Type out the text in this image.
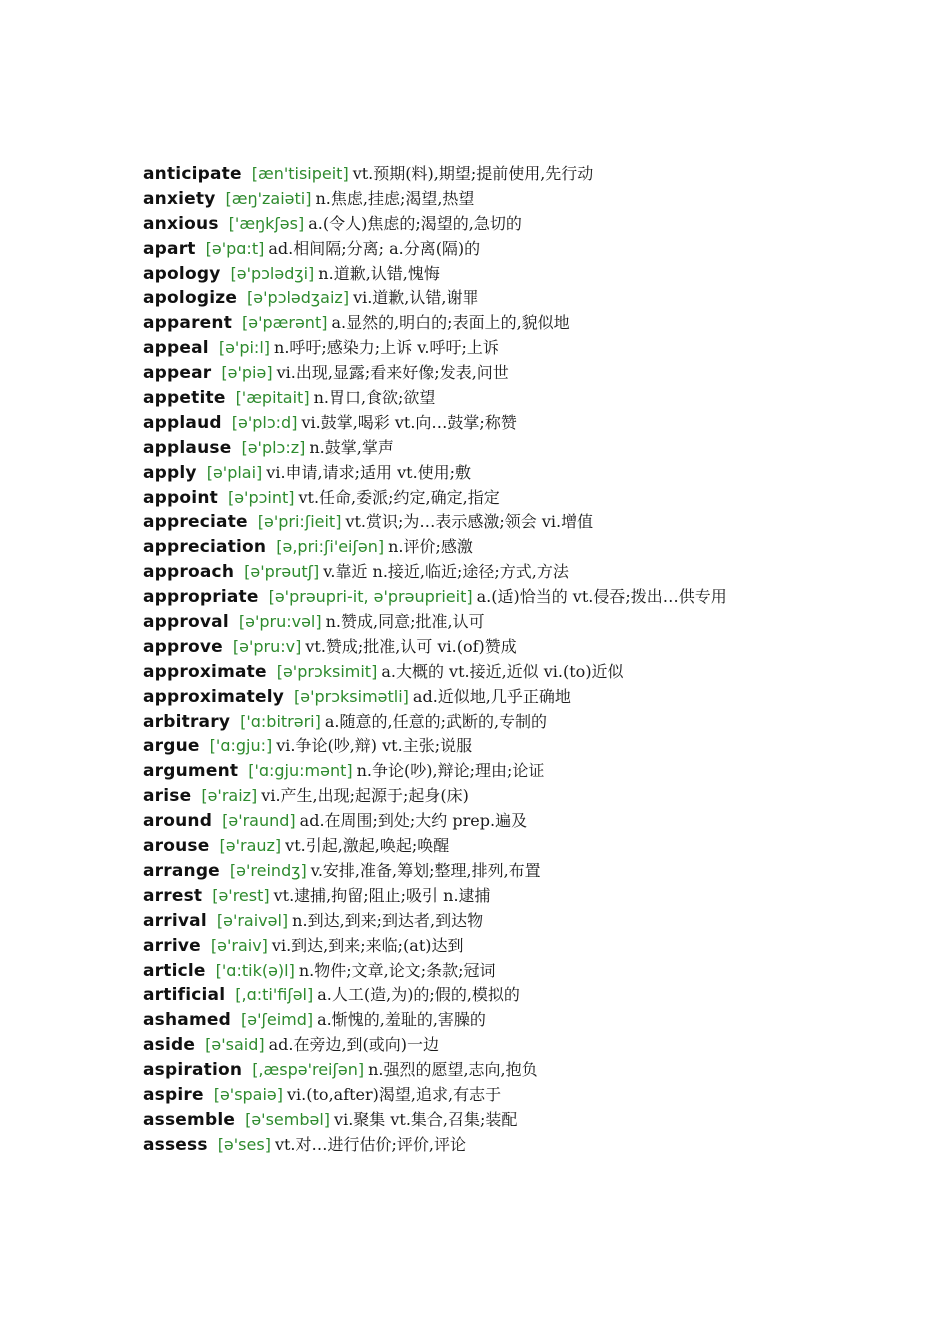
anticipate [æn'tisipeit] vt.预期(料),期望;提前使用,先行动
anxiety [æŋ'zaiəti] n.焦虑,挂虑;渴望,热望
anxious ['æŋkʃəs] a.(令人)焦虑的;渴望的,急切的
apart [ə'pɑ:t] ad.相间隔;分离; a.分离(隔)的
apology [ə'pɔlədʒi] n.道歉,认错,愧悔
apologize [ə'pɔlədʒaiz] vi.道歉,认错,谢罪
apparent [ə'pærənt] a.显然的,明白的;表面上的,貌似地
appeal [ə'pi:l] n.呼吁;感染力;上诉 v.呼吁;上诉
appear [ə'piə] vi.出现,显露;看来好像;发表,问世
appetite ['æpitait] n.胃口,食欲;欲望
applaud [ə'plɔ:d] vi.鼓掌,喝彩 vt.向…鼓掌;称赞
applause [ə'plɔ:z] n.鼓掌,掌声
apply [ə'plai] vi.申请,请求;适用 vt.使用;敷
appoint [ə'pɔint] vt.任命,委派;约定,确定,指定
appreciate [ə'pri:ʃieit] vt.赏识;为…表示感激;领会 vi.增值
appreciation [ə,pri:ʃi'eiʃən] n.评价;感激
approach [ə'prəutʃ] v.靠近 n.接近,临近;途径;方式,方法
appropriate [ə'prəupri-it, ə'prəuprieit] a.(适)恰当的 vt.侵吞;拨出…供专用
approval [ə'pru:vəl] n.赞成,同意;批准,认可
approve [ə'pru:v] vt.赞成;批准,认可 vi.(of)赞成
approximate [ə'prɔksimit] a.大概的 vt.接近,近似 vi.(to)近似
approximately [ə'prɔksimətli] ad.近似地,几乎正确地
arbitrary ['ɑ:bitrəri] a.随意的,任意的;武断的,专制的
argue ['ɑ:gju:] vi.争论(吵,辩) vt.主张;说服
argument ['ɑ:gju:mənt] n.争论(吵),辩论;理由;论证
arise [ə'raiz] vi.产生,出现;起源于;起身(床)
around [ə'raund] ad.在周围;到处;大约 prep.遍及
arouse [ə'rauz] vt.引起,激起,唤起;唤醒
arrange [ə'reindʒ] v.安排,准备,筹划;整理,排列,布置
arrest [ə'rest] vt.逮捕,拘留;阻止;吸引 n.逮捕
arrival [ə'raivəl] n.到达,到来;到达者,到达物
arrive [ə'raiv] vi.到达,到来;来临;(at)达到
article ['ɑ:tik(ə)l] n.物件;文章,论文;条款;冠词
artificial [,ɑ:ti'fiʃəl] a.人工(造,为)的;假的,模拟的
ashamed [ə'ʃeimd] a.惭愧的,羞耻的,害臊的
aside [ə'said] ad.在旁边,到(或向)一边
aspiration [,æspə'reiʃən] n.强烈的愿望,志向,抱负
aspire [ə'spaiə] vi.(to,after)渴望,追求,有志于
assemble [ə'sembəl] vi.聚集 vt.集合,召集;装配
assess [ə'ses] vt.对…进行估价;评价,评论
